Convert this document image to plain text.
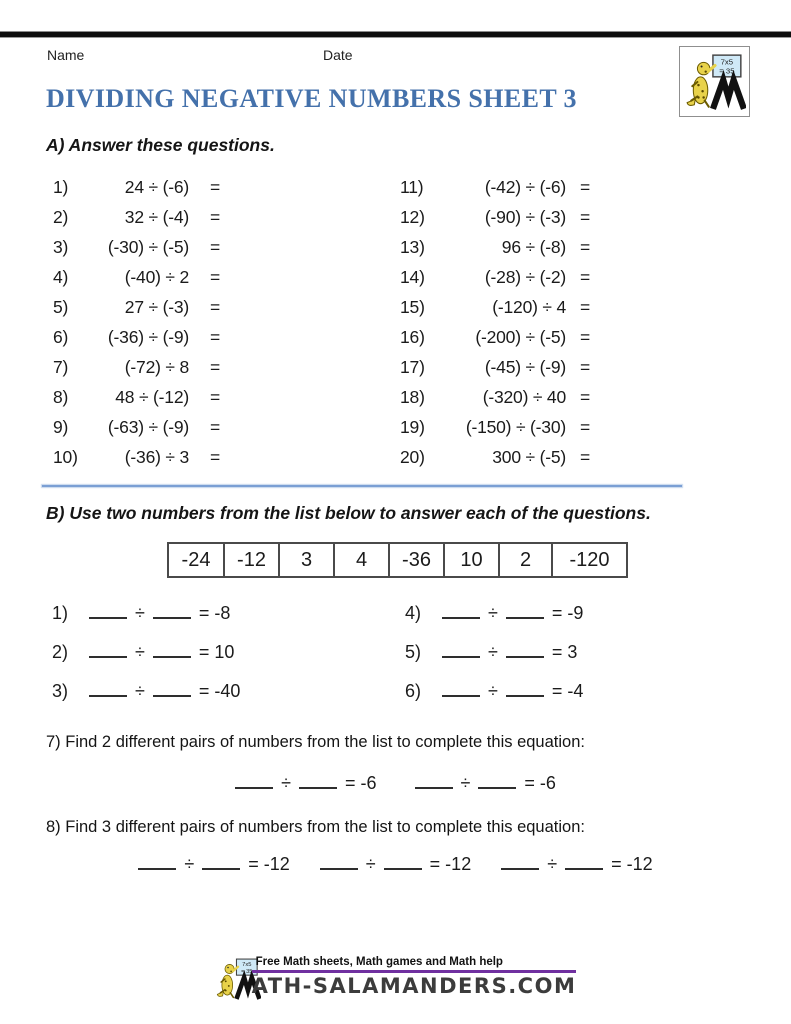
Name	Date	7x5
= 35
DIVIDING NEGATIVE NUMBERS SHEET 3
A) Answer these questions.
1)	24 ÷ (-6) =
2)	32 ÷ (-4) =
3)	(-30) ÷ (-5) =
4)	(-40) ÷ 2 =
5)	27 ÷ (-3) =
6)	(-36) ÷ (-9) =
7)	(-72) ÷ 8 =
8)	48 ÷ (-12) =
9)	(-63) ÷ (-9) =
10)	(-36) ÷ 3 =
11)	(-42) ÷ (-6) =
12)	(-90) ÷ (-3) =
13)	96 ÷ (-8) =
14)	(-28) ÷ (-2) =
15)	(-120) ÷ 4 =
16)	(-200) ÷ (-5) =
17)	(-45) ÷ (-9) =
18)	(-320) ÷ 40 =
19)	(-150) ÷ (-30) =
20)	300 ÷ (-5) =
B) Use two numbers from the list below to answer each of the questions.
-24	-12	3	4	-36	10	2	-120
1)	÷	= -8
2)	÷	= 10
3)	÷	= -40
4)	÷	= -9
5)	÷	= 3
6)	÷	= -4
7) Find 2 different pairs of numbers from the list to complete this equation:
÷	= -6	÷	= -6
8) Find 3 different pairs of numbers from the list to complete this equation:
÷	= -12	÷	= -12	÷	= -12
7x5
= 35
Free Math sheets, Math games and Math help
ATH-SALAMANDERS.COM
